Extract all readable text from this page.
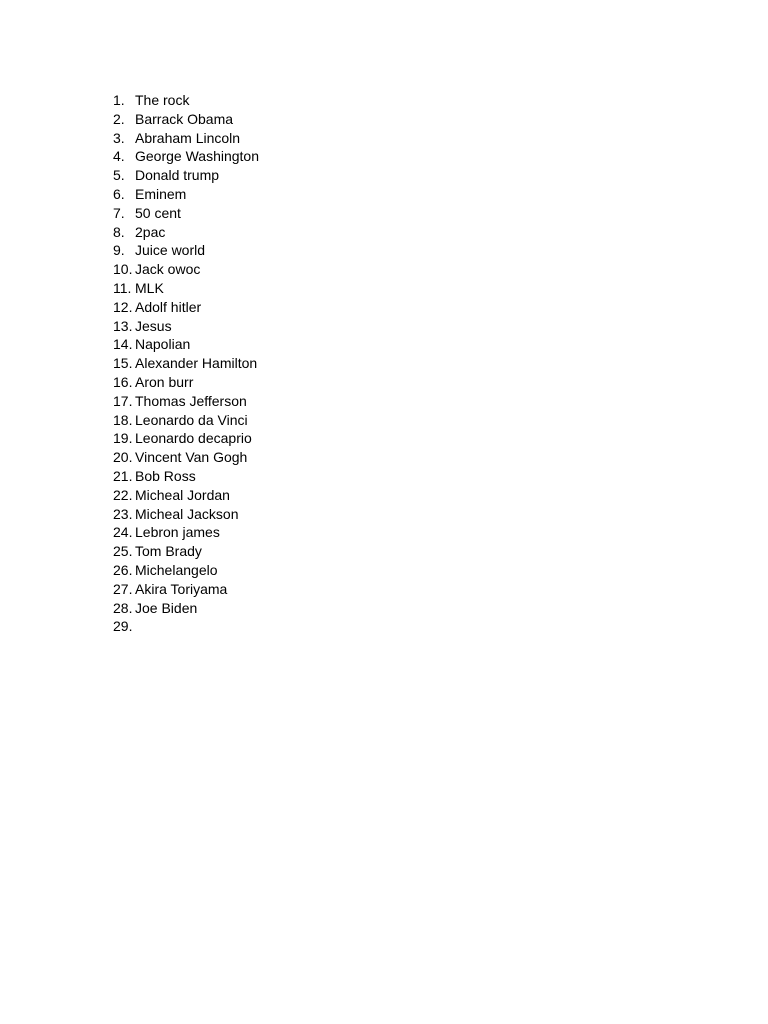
1. The rock
2. Barrack Obama
3. Abraham Lincoln
4. George Washington
5. Donald trump
6. Eminem
7. 50 cent
8. 2pac
9. Juice world
10. Jack owoc
11. MLK
12. Adolf hitler
13. Jesus
14. Napolian
15. Alexander Hamilton
16. Aron burr
17. Thomas Jefferson
18. Leonardo da Vinci
19. Leonardo decaprio
20. Vincent Van Gogh
21. Bob Ross
22. Micheal Jordan
23. Micheal Jackson
24. Lebron james
25. Tom Brady
26. Michelangelo
27. Akira Toriyama
28. Joe Biden
29.
